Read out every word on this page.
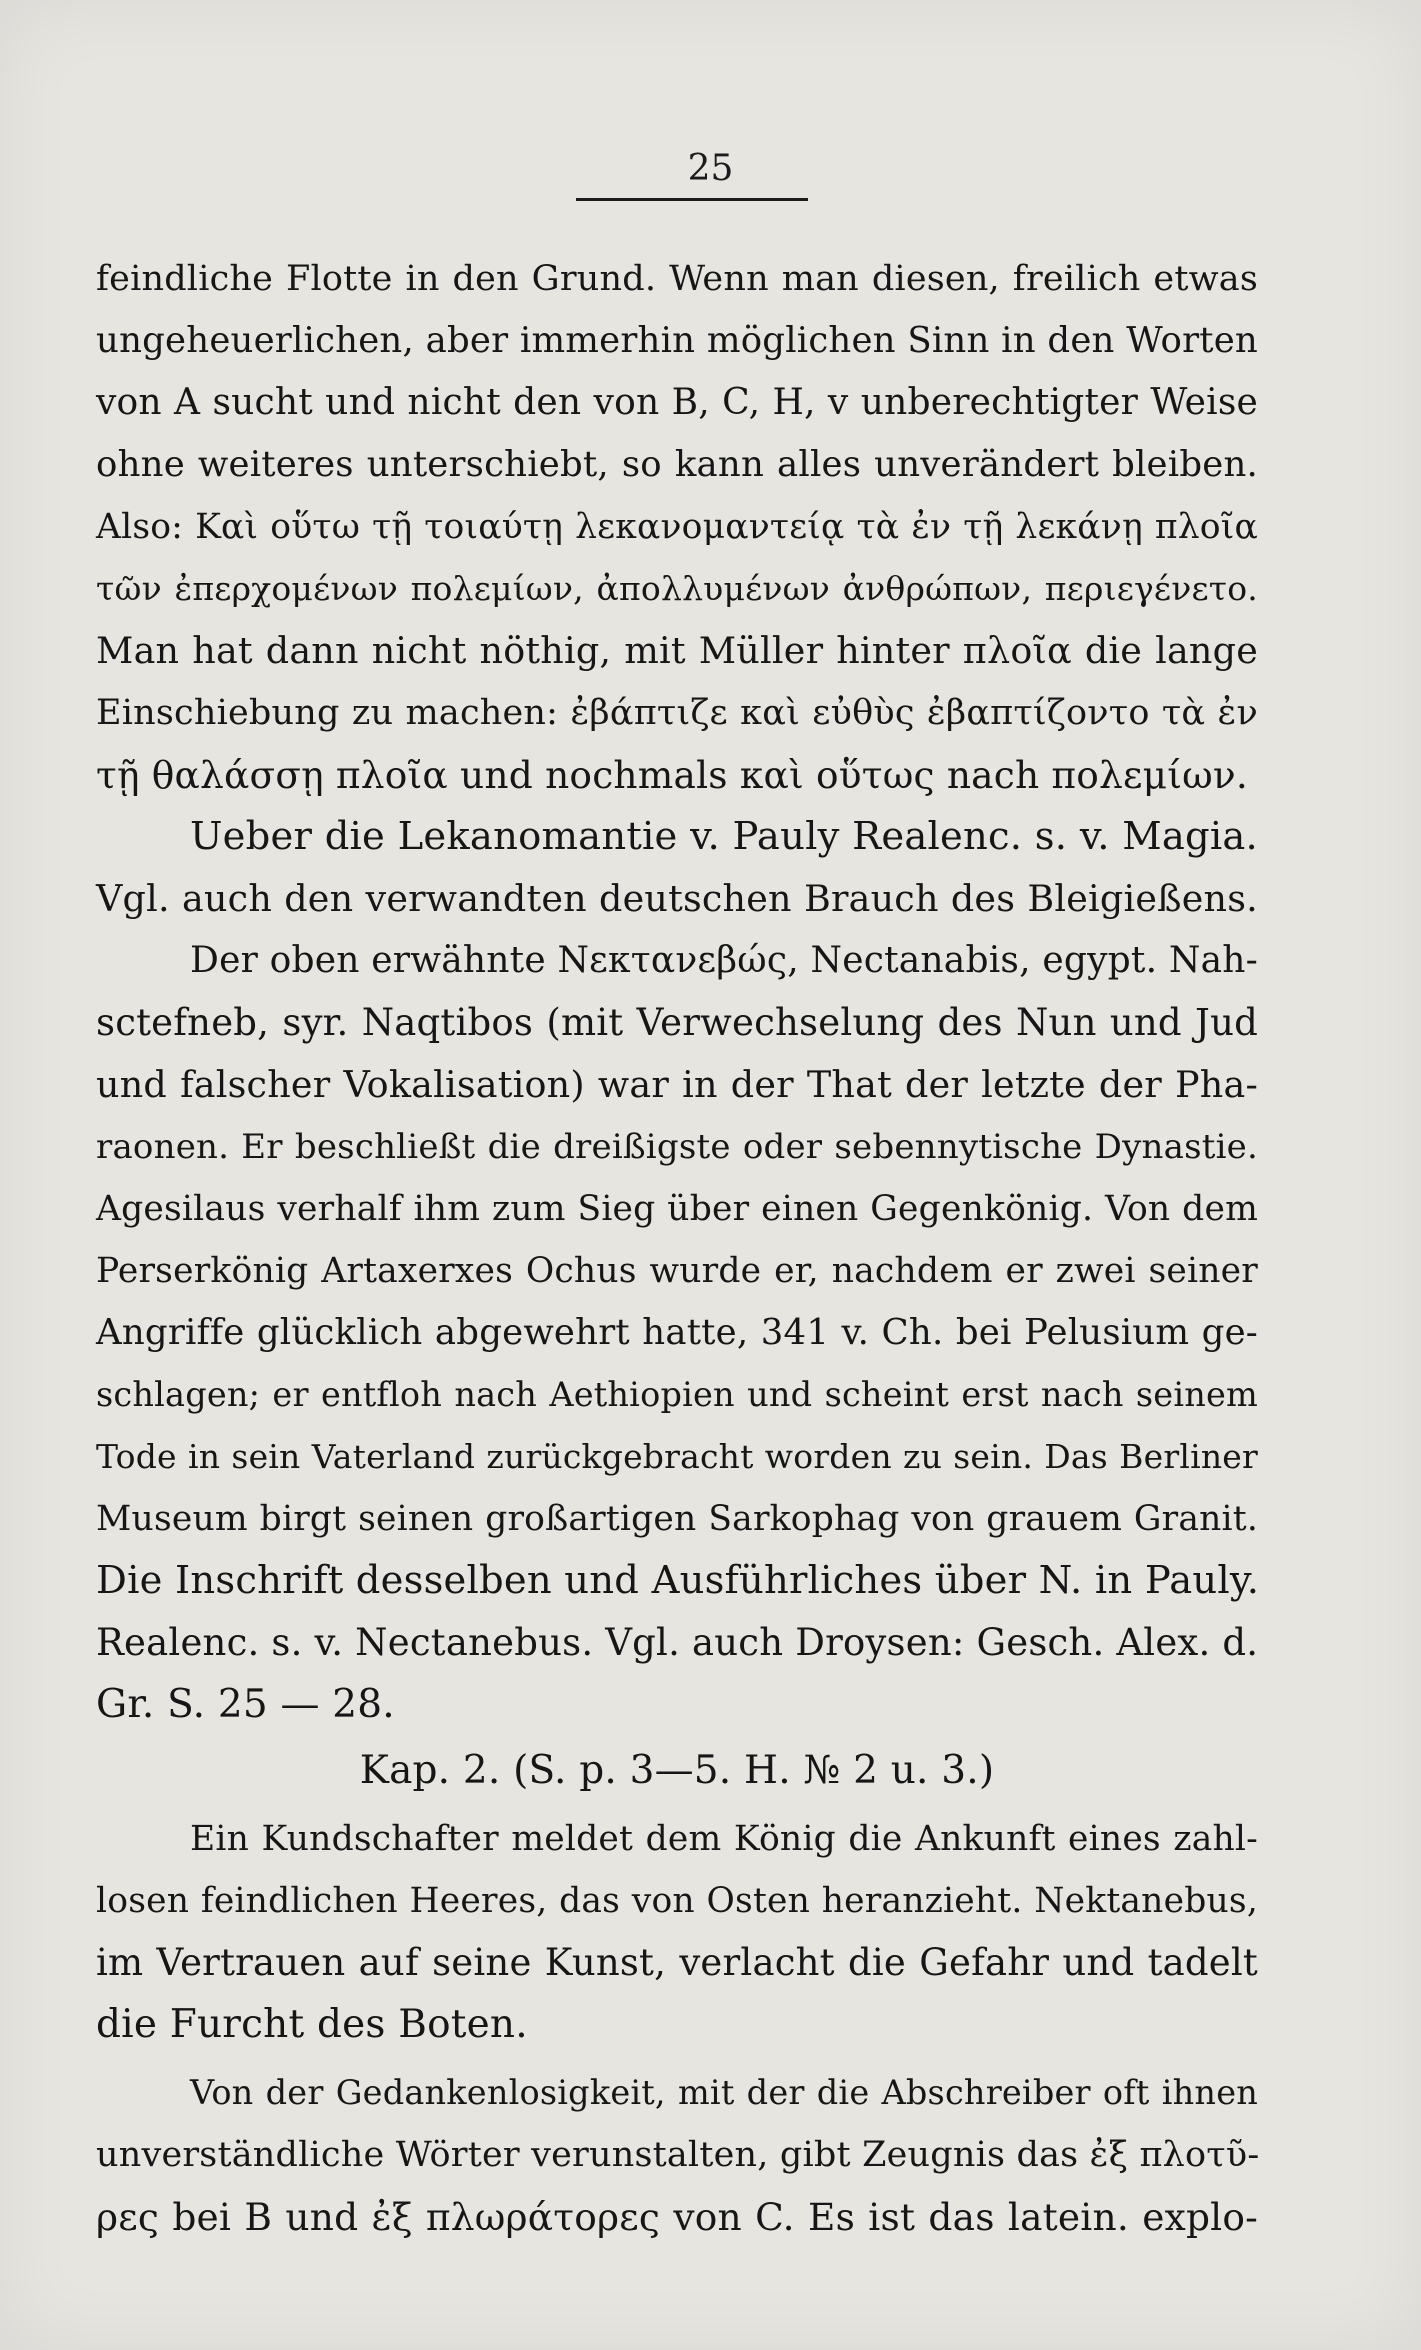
25
feindliche Flotte in den Grund. Wenn man diesen, freilich etwas
ungeheuerlichen, aber immerhin möglichen Sinn in den Worten
von A sucht und nicht den von B, C, H, v unberechtigter Weise
ohne weiteres unterschiebt, so kann alles unverändert bleiben.
Also: Καὶ οὕτω τῇ τοιαύτῃ λεκανομαντείᾳ τὰ ἐν τῇ λεκάνῃ πλοῖα
τῶν ἐπερχομένων πολεμίων, ἀπολλυμένων ἀνθρώπων, περιεγένετο.
Man hat dann nicht nöthig, mit Müller hinter πλοῖα die lange
Einschiebung zu machen: ἐβάπτιζε καὶ εὐθὺς ἐβαπτίζοντο τὰ ἐν
τῇ θαλάσσῃ πλοῖα und nochmals καὶ οὕτως nach πολεμίων.
Ueber die Lekanomantie v. Pauly Realenc. s. v. Magia.
Vgl. auch den verwandten deutschen Brauch des Bleigießens.
Der oben erwähnte Νεκτανεβώς, Nectanabis, egypt. Nah-
sctefneb, syr. Naqtibos (mit Verwechselung des Nun und Jud
und falscher Vokalisation) war in der That der letzte der Pha-
raonen. Er beschließt die dreißigste oder sebennytische Dynastie.
Agesilaus verhalf ihm zum Sieg über einen Gegenkönig. Von dem
Perserkönig Artaxerxes Ochus wurde er, nachdem er zwei seiner
Angriffe glücklich abgewehrt hatte, 341 v. Ch. bei Pelusium ge-
schlagen; er entfloh nach Aethiopien und scheint erst nach seinem
Tode in sein Vaterland zurückgebracht worden zu sein. Das Berliner
Museum birgt seinen großartigen Sarkophag von grauem Granit.
Die Inschrift desselben und Ausführliches über N. in Pauly.
Realenc. s. v. Nectanebus. Vgl. auch Droysen: Gesch. Alex. d.
Gr. S. 25 — 28.
Kap. 2. (S. p. 3—5. H. № 2 u. 3.)
Ein Kundschafter meldet dem König die Ankunft eines zahl-
losen feindlichen Heeres, das von Osten heranzieht. Nektanebus,
im Vertrauen auf seine Kunst, verlacht die Gefahr und tadelt
die Furcht des Boten.
Von der Gedankenlosigkeit, mit der die Abschreiber oft ihnen
unverständliche Wörter verunstalten, gibt Zeugnis das ἐξ πλοτῦ-
ρες bei B und ἐξ πλωράτορες von C. Es ist das latein. explo-
